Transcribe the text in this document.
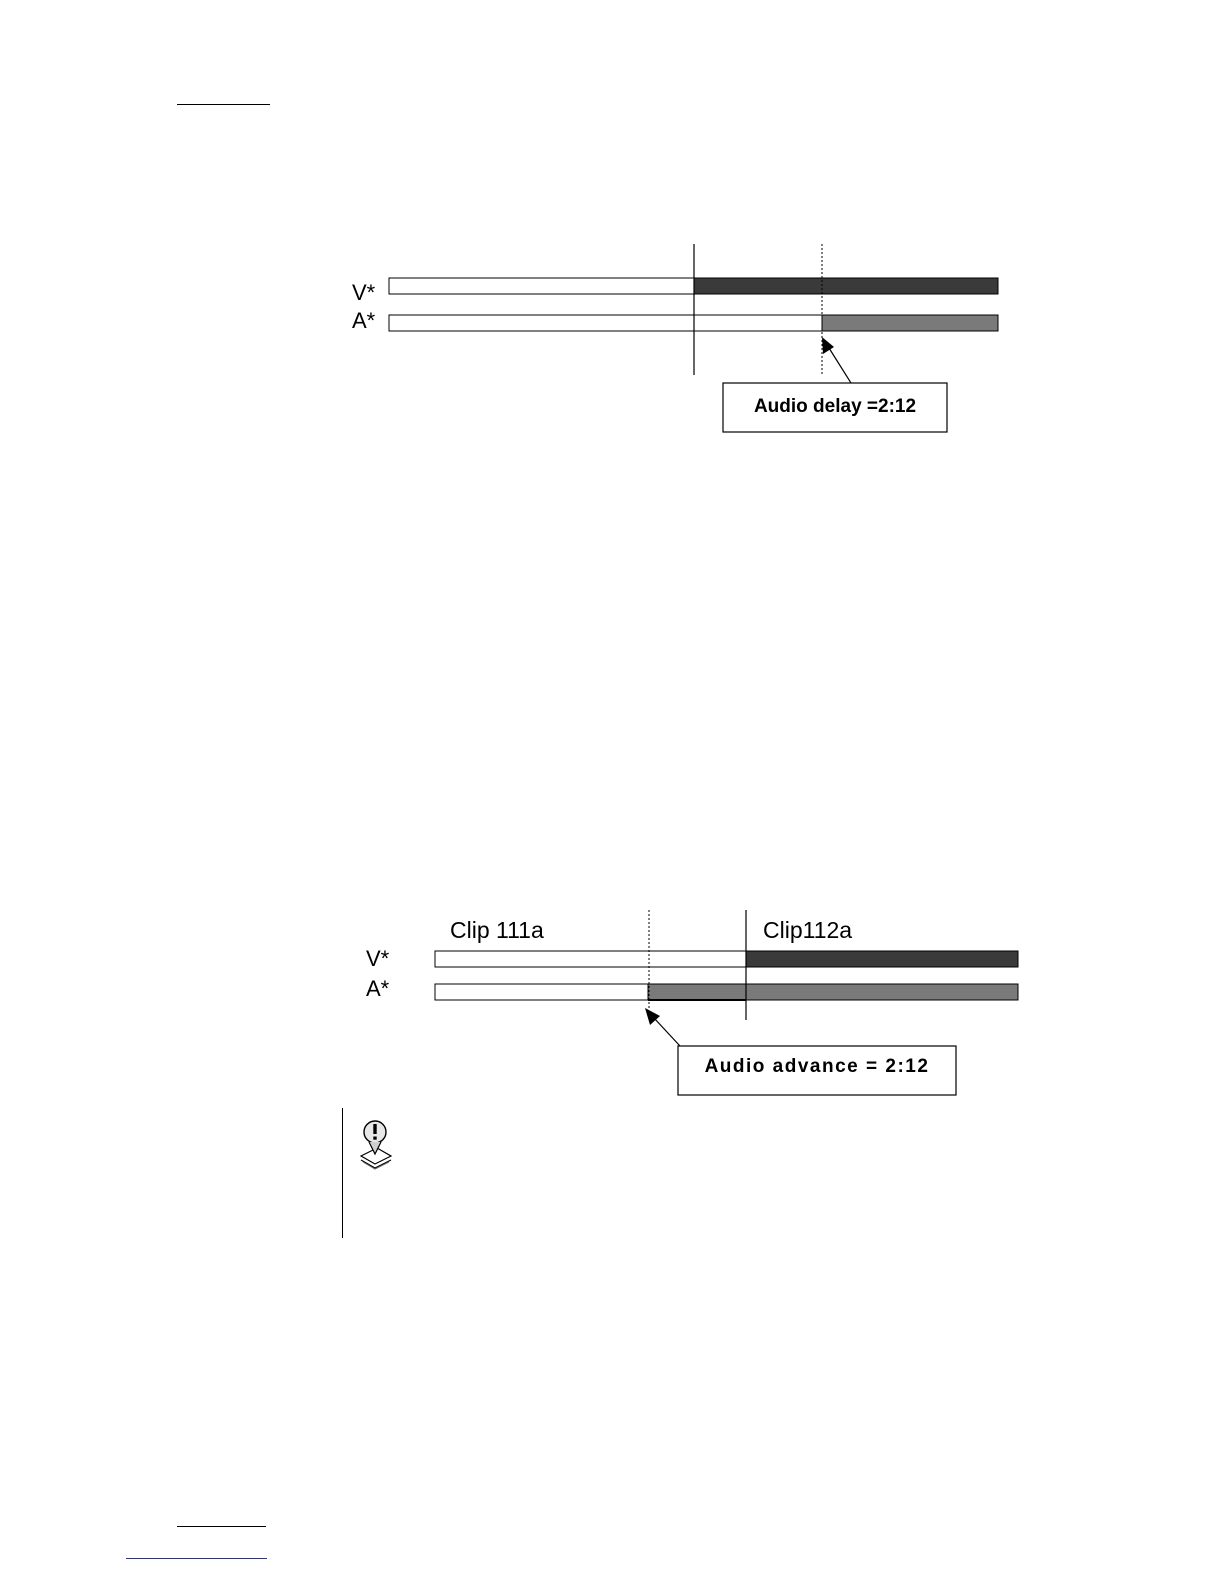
V*
A*
Audio delay =2:12
Clip 111a	Clip112a
V*
A*
Audio advance = 2:12
